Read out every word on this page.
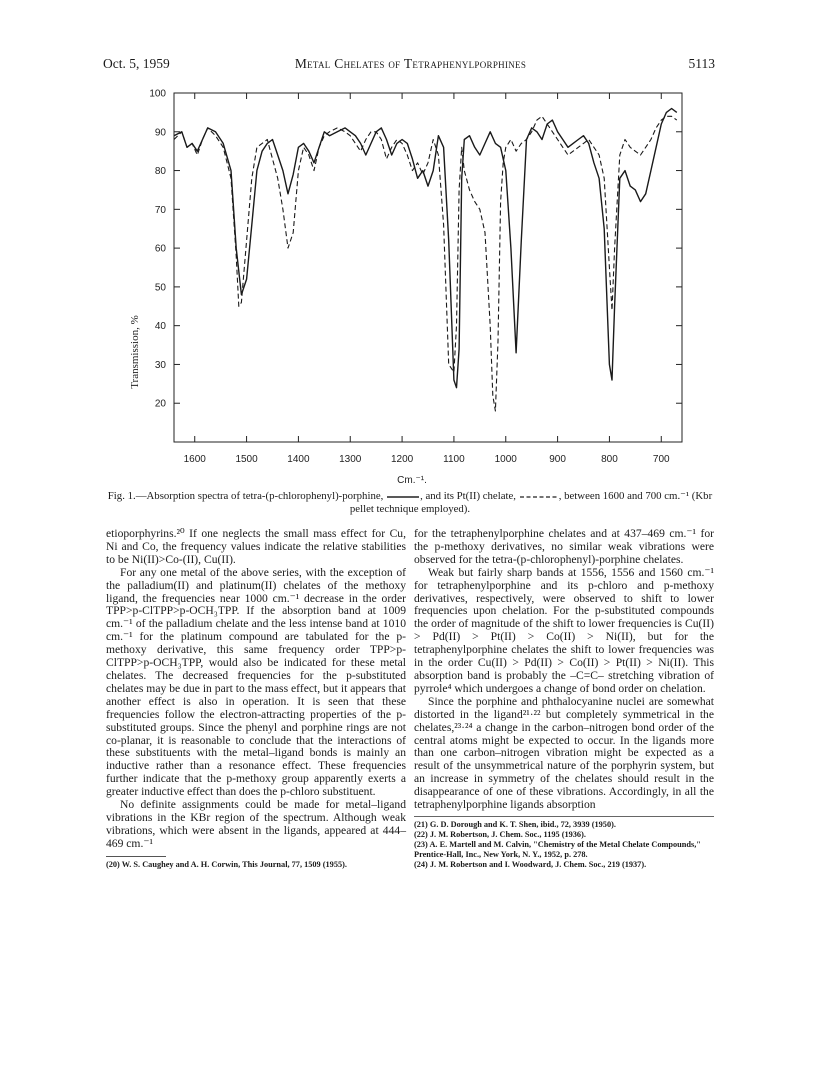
Oct. 5, 1959	Metal Chelates of Tetraphenylporphines	5113
100
90
80
70
60
50
40
30
20
1600	1500	1400	1300	1200	1100	1000	900	800	700
Transmission, %
Cm.⁻¹.
Fig. 1.—Absorption spectra of tetra-(p-chlorophenyl)-porphine,	, and its Pt(II) chelate,	, between 1600 and 700 cm.⁻¹ (Kbr pellet technique employed).

etioporphyrins.²⁰ If one neglects the small mass effect for Cu, Ni and Co, the frequency values indicate the relative stabilities to be Ni(II)>Co-(II), Cu(II).

For any one metal of the above series, with the exception of the palladium(II) and platinum(II) chelates of the methoxy ligand, the frequencies near 1000 cm.⁻¹ decrease in the order TPP>p-ClTPP>p-OCH₃TPP. If the absorption band at 1009 cm.⁻¹ of the palladium chelate and the less intense band at 1010 cm.⁻¹ for the platinum compound are tabulated for the p-methoxy derivative, this same frequency order TPP>p-ClTPP>p-OCH₃TPP, would also be indicated for these metal chelates. The decreased frequencies for the p-substituted chelates may be due in part to the mass effect, but it appears that another effect is also in operation. It is seen that these frequencies follow the electron-attracting properties of the p-substituted groups. Since the phenyl and porphine rings are not co-planar, it is reasonable to conclude that the interactions of these substituents with the metal–ligand bonds is mainly an inductive rather than a resonance effect. These frequencies further indicate that the p-methoxy group apparently exerts a greater inductive effect than does the p-chloro substituent.

No definite assignments could be made for metal–ligand vibrations in the KBr region of the spectrum. Although weak vibrations, which were absent in the ligands, appeared at 444–469 cm.⁻¹

(20) W. S. Caughey and A. H. Corwin, This Journal, 77, 1509 (1955).

for the tetraphenylporphine chelates and at 437–469 cm.⁻¹ for the p-methoxy derivatives, no similar weak vibrations were observed for the tetra-(p-chlorophenyl)-porphine chelates.

Weak but fairly sharp bands at 1556, 1556 and 1560 cm.⁻¹ for tetraphenylporphine and its p-chloro and p-methoxy derivatives, respectively, were observed to shift to lower frequencies upon chelation. For the p-substituted compounds the order of magnitude of the shift to lower frequencies is Cu(II) > Pd(II) > Pt(II) > Co(II) > Ni(II), but for the tetraphenylporphine chelates the shift to lower frequencies was in the order Cu(II) > Pd(II) > Co(II) > Pt(II) > Ni(II). This absorption band is probably the –C=C– stretching vibration of pyrrole⁴ which undergoes a change of bond order on chelation.

Since the porphine and phthalocyanine nuclei are somewhat distorted in the ligand²¹·²² but completely symmetrical in the chelates,²³·²⁴ a change in the carbon–nitrogen bond order of the central atoms might be expected to occur. In the ligands more than one carbon–nitrogen vibration might be expected as a result of the unsymmetrical nature of the porphyrin system, but an increase in symmetry of the chelates should result in the disappearance of one of these vibrations. Accordingly, in all the tetraphenylporphine ligands absorption

(21) G. D. Dorough and K. T. Shen, ibid., 72, 3939 (1950).

(22) J. M. Robertson, J. Chem. Soc., 1195 (1936).

(23) A. E. Martell and M. Calvin, "Chemistry of the Metal Chelate Compounds," Prentice-Hall, Inc., New York, N. Y., 1952, p. 278.

(24) J. M. Robertson and I. Woodward, J. Chem. Soc., 219 (1937).
